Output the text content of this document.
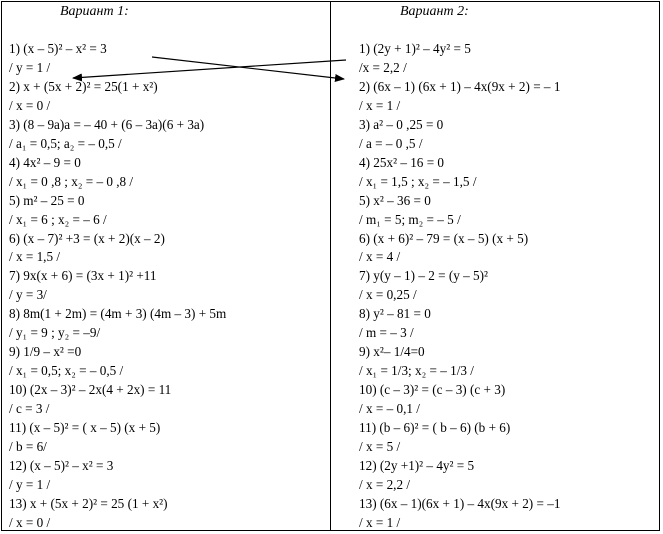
Вариант 1:	Вариант 2:
1) (x – 5)² – x² = 3
/ y = 1 /
2) x + (5x + 2)² = 25(1 + x²)
/ x = 0 /
3) (8 – 9a)a = – 40 + (6 – 3a)(6 + 3a)
/ a₁ = 0,5; a₂ = – 0,5 /
4) 4x² – 9 = 0
/ x₁ = 0 ,8 ; x₂ = – 0 ,8 /
5) m² – 25 = 0
/ x₁ = 6 ; x₂ = – 6 /
6) (x – 7)² +3 = (x + 2)(x – 2)
/ x = 1,5 /
7) 9x(x + 6) = (3x + 1)² +11
/ y = 3/
8) 8m(1 + 2m) = (4m + 3) (4m – 3) + 5m
/ y₁ = 9 ; y₂ = –9/
9) 1/9 – x² =0
/ x₁ = 0,5; x₂ = – 0,5 /
10) (2x – 3)² – 2x(4 + 2x) = 11
/ c = 3 /
11) (x – 5)² = ( x – 5) (x + 5)
/ b = 6/
12) (x – 5)² – x² = 3
/ y = 1 /
13) x + (5x + 2)² = 25 (1 + x²)
/ x = 0 /
1) (2y + 1)² – 4y² = 5
/x = 2,2 /
2) (6x – 1) (6x + 1) – 4x(9x + 2) = – 1
/ x = 1 /
3) a² – 0 ,25 = 0
/ a = – 0 ,5 /
4) 25x² – 16 = 0
/ x₁ = 1,5 ; x₂ = – 1,5 /
5) x² – 36 = 0
/ m₁ = 5; m₂ = – 5 /
6) (x + 6)² – 79 = (x – 5) (x + 5)
/ x = 4 /
7) y(y – 1) – 2 = (y – 5)²
/ x = 0,25 /
8) y² – 81 = 0
/ m = – 3 /
9) x²– 1/4=0
/ x₁ = 1/3; x₂ = – 1/3 /
10) (c – 3)² = (c – 3) (c + 3)
/ x = – 0,1 /
11) (b – 6)² = ( b – 6) (b + 6)
/ x = 5 /
12) (2y +1)² – 4y² = 5
/ x = 2,2 /
13) (6x – 1)(6x + 1) – 4x(9x + 2) = –1
/ x = 1 /
